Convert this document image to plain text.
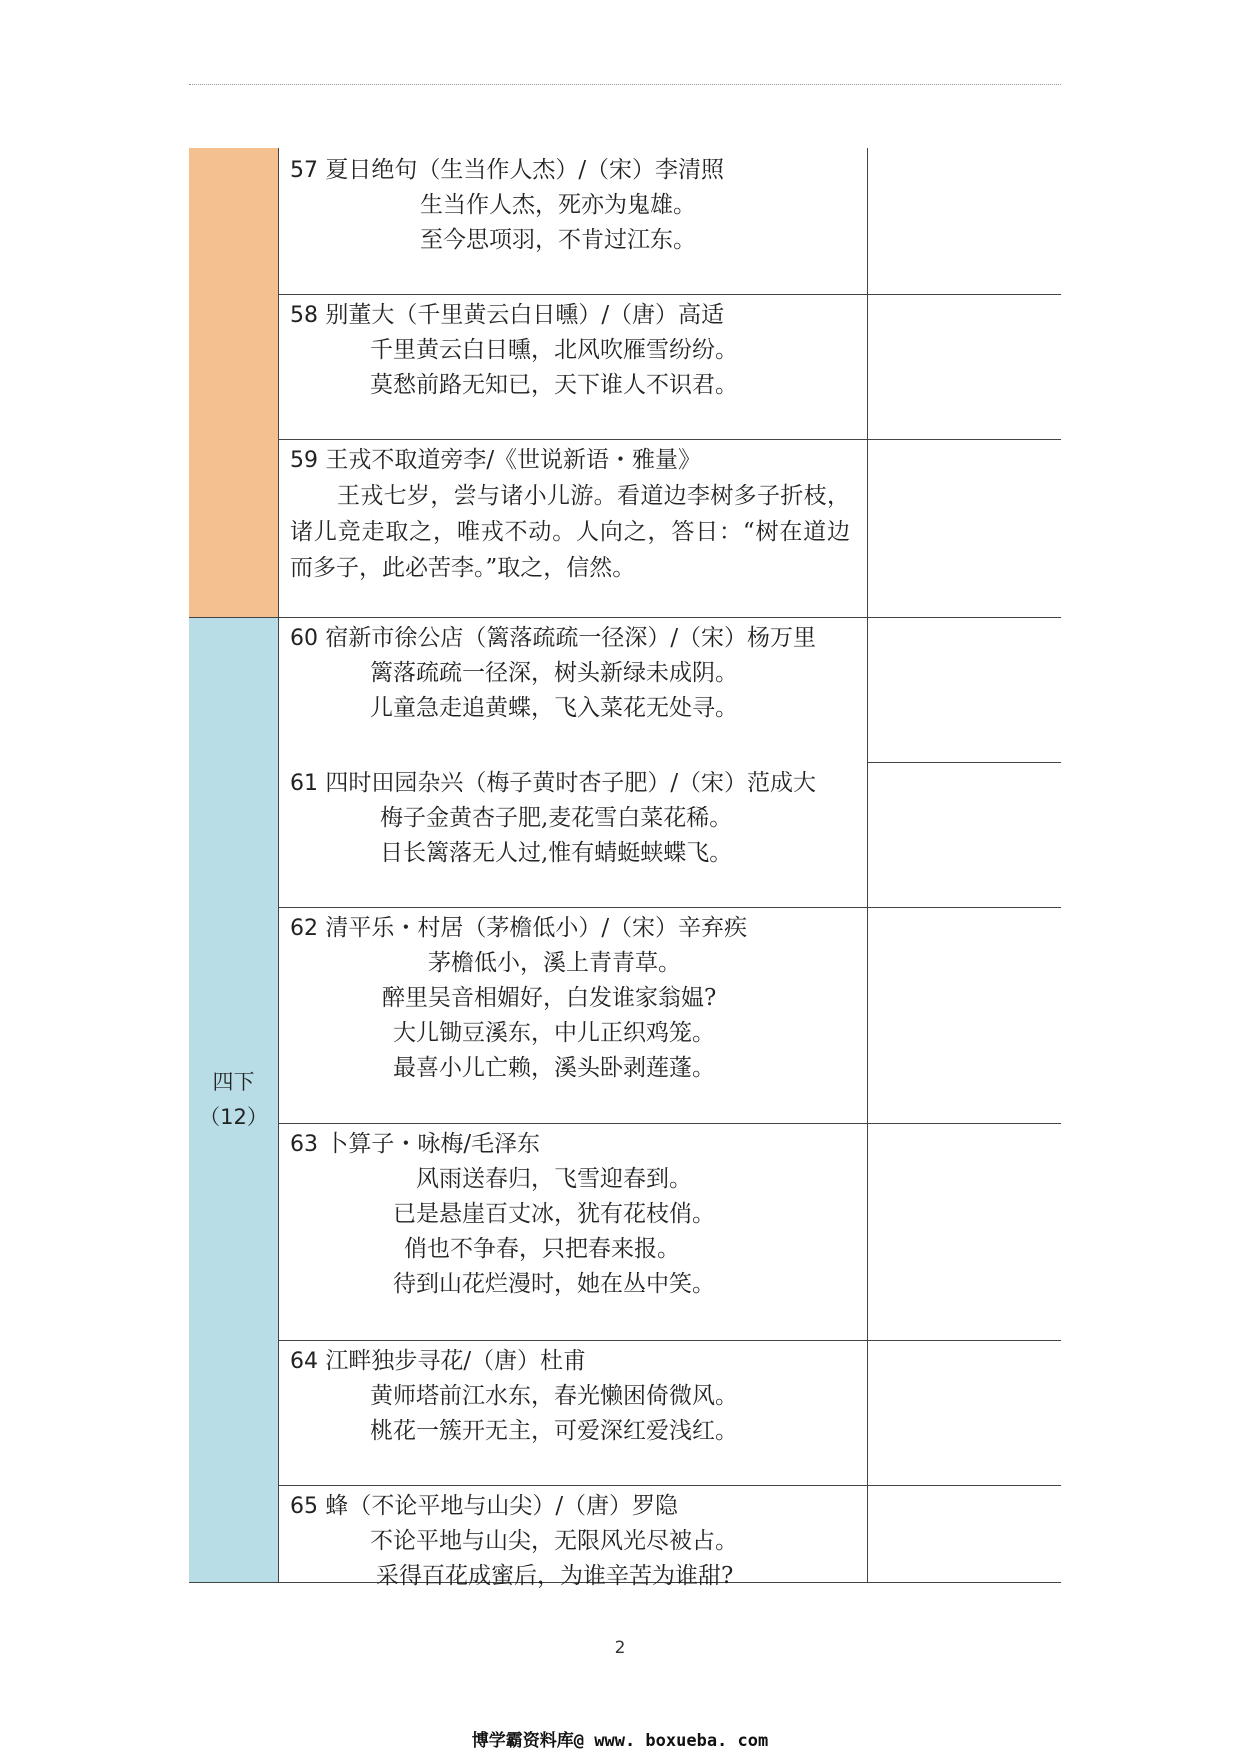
四下
（12）
57 夏日绝句（生当作人杰）/（宋）李清照
生当作人杰，死亦为鬼雄。
至今思项羽，不肯过江东。
58 别董大（千里黄云白日曛）/（唐）高适
千里黄云白日曛，北风吹雁雪纷纷。
莫愁前路无知已，天下谁人不识君。
59 王戎不取道旁李/《世说新语・雅量》
王戎七岁，尝与诸小儿游。看道边李树多子折枝，诸儿竞走取之，唯戎不动。人向之，答日：“树在道边而多子，此必苦李。”取之，信然。
60 宿新市徐公店（篱落疏疏一径深）/（宋）杨万里
篱落疏疏一径深，树头新绿未成阴。
儿童急走追黄蝶，飞入菜花无处寻。
61 四时田园杂兴（梅子黄时杏子肥）/（宋）范成大
梅子金黄杏子肥,麦花雪白菜花稀。
日长篱落无人过,惟有蜻蜓蛱蝶飞。
62 清平乐・村居（茅檐低小）/（宋）辛弃疾
茅檐低小，溪上青青草。
醉里吴音相媚好，白发谁家翁媪?
大儿锄豆溪东，中儿正织鸡笼。
最喜小儿亡赖，溪头卧剥莲蓬。
63 卜算子・咏梅/毛泽东
风雨送春归，飞雪迎春到。
已是悬崖百丈冰，犹有花枝俏。
俏也不争春，只把春来报。
待到山花烂漫时，她在丛中笑。
64 江畔独步寻花/（唐）杜甫
黄师塔前江水东，春光懒困倚微风。
桃花一簇开无主，可爱深红爱浅红。
65 蜂（不论平地与山尖）/（唐）罗隐
不论平地与山尖，无限风光尽被占。
采得百花成蜜后，为谁辛苦为谁甜?
2
博学霸资料库@ www. boxueba. com
